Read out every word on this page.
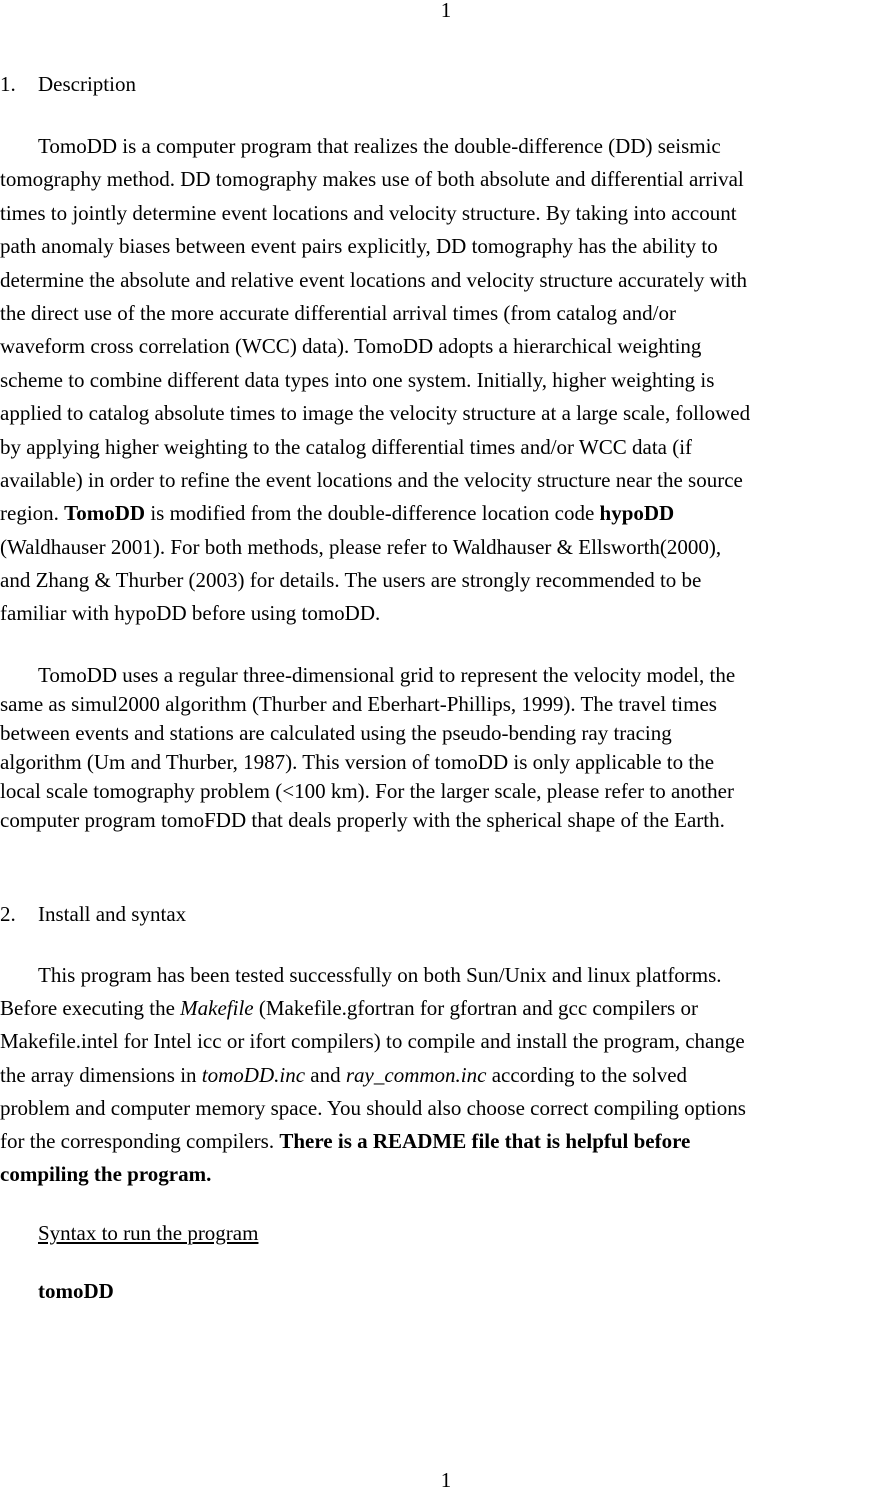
1
1. Description
TomoDD is a computer program that realizes the double-difference (DD) seismic
tomography method. DD tomography makes use of both absolute and differential arrival
times to jointly determine event locations and velocity structure. By taking into account
path anomaly biases between event pairs explicitly, DD tomography has the ability to
determine the absolute and relative event locations and velocity structure accurately with
the direct use of the more accurate differential arrival times (from catalog and/or
waveform cross correlation (WCC) data). TomoDD adopts a hierarchical weighting
scheme to combine different data types into one system. Initially, higher weighting is
applied to catalog absolute times to image the velocity structure at a large scale, followed
by applying higher weighting to the catalog differential times and/or WCC data (if
available) in order to refine the event locations and the velocity structure near the source
region. TomoDD is modified from the double-difference location code hypoDD
(Waldhauser 2001). For both methods, please refer to Waldhauser & Ellsworth(2000),
and Zhang & Thurber (2003) for details. The users are strongly recommended to be
familiar with hypoDD before using tomoDD.
TomoDD uses a regular three-dimensional grid to represent the velocity model, the
same as simul2000 algorithm (Thurber and Eberhart-Phillips, 1999). The travel times
between events and stations are calculated using the pseudo-bending ray tracing
algorithm (Um and Thurber, 1987). This version of tomoDD is only applicable to the
local scale tomography problem (<100 km). For the larger scale, please refer to another
computer program tomoFDD that deals properly with the spherical shape of the Earth.
2. Install and syntax
This program has been tested successfully on both Sun/Unix and linux platforms.
Before executing the Makefile (Makefile.gfortran for gfortran and gcc compilers or
Makefile.intel for Intel icc or ifort compilers) to compile and install the program, change
the array dimensions in tomoDD.inc and ray_common.inc according to the solved
problem and computer memory space. You should also choose correct compiling options
for the corresponding compilers. There is a README file that is helpful before
compiling the program.
Syntax to run the program
tomoDD
1
